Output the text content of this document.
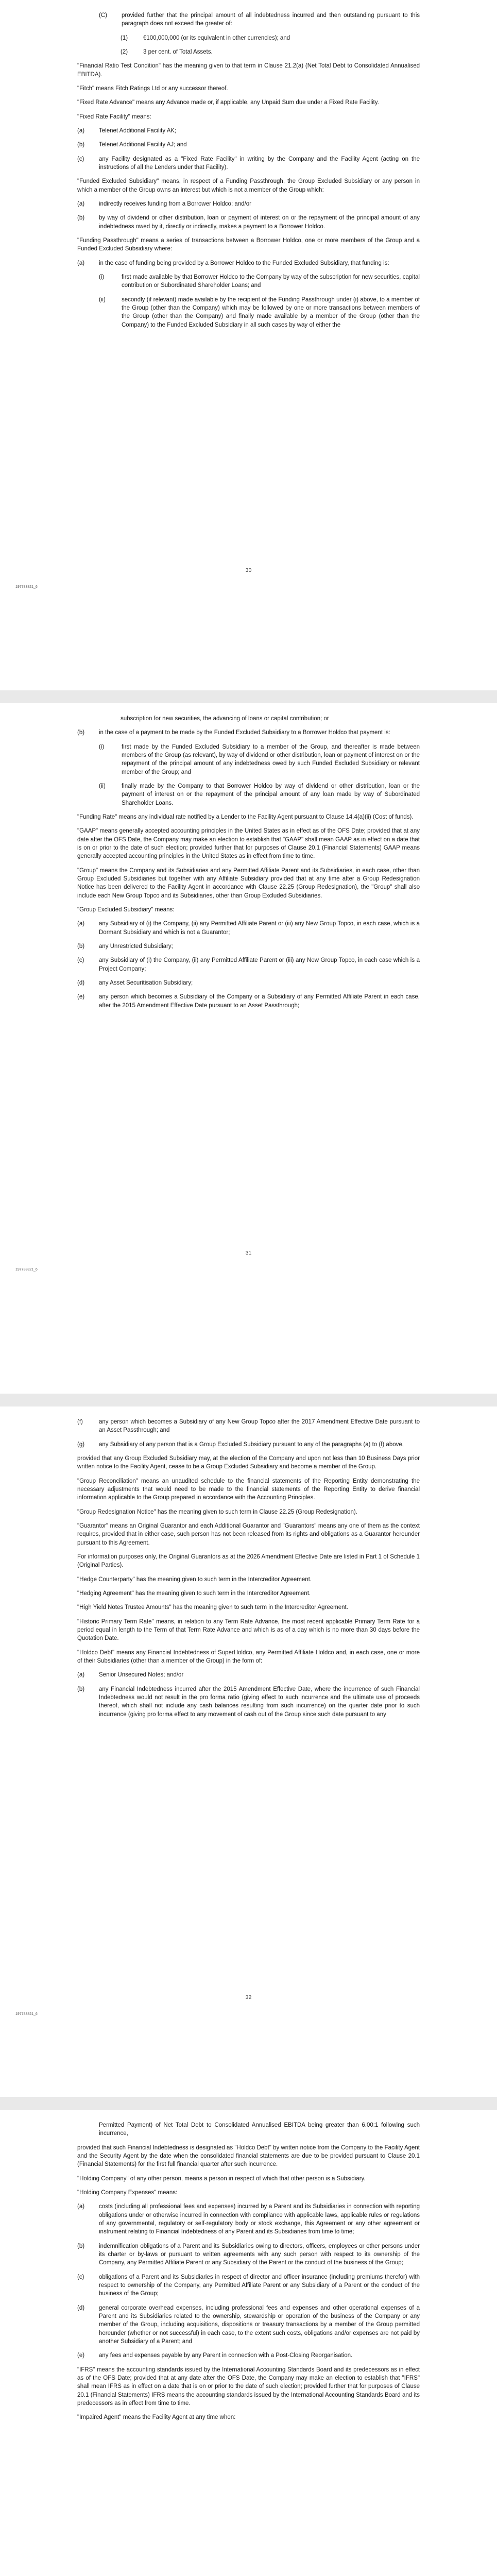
(C)	provided further that the principal amount of all indebtedness incurred and then outstanding pursuant to this paragraph does not exceed the greater of:
(1)	€100,000,000 (or its equivalent in other currencies); and
(2)	3 per cent. of Total Assets.

"Financial Ratio Test Condition" has the meaning given to that term in Clause 21.2(a) (Net Total Debt to Consolidated Annualised EBITDA).

"Fitch" means Fitch Ratings Ltd or any successor thereof.

"Fixed Rate Advance" means any Advance made or, if applicable, any Unpaid Sum due under a Fixed Rate Facility.

"Fixed Rate Facility" means:

(a)	Telenet Additional Facility AK;
(b)	Telenet Additional Facility AJ; and
(c)	any Facility designated as a "Fixed Rate Facility" in writing by the Company and the Facility Agent (acting on the instructions of all the Lenders under that Facility).

"Funded Excluded Subsidiary" means, in respect of a Funding Passthrough, the Group Excluded Subsidiary or any person in which a member of the Group owns an interest but which is not a member of the Group which:

(a)	indirectly receives funding from a Borrower Holdco; and/or
(b)	by way of dividend or other distribution, loan or payment of interest on or the repayment of the principal amount of any indebtedness owed by it, directly or indirectly, makes a payment to a Borrower Holdco.

"Funding Passthrough" means a series of transactions between a Borrower Holdco, one or more members of the Group and a Funded Excluded Subsidiary where:

(a)	in the case of funding being provided by a Borrower Holdco to the Funded Excluded Subsidiary, that funding is:
(i)	first made available by that Borrower Holdco to the Company by way of the subscription for new securities, capital contribution or Subordinated Shareholder Loans; and
(ii)	secondly (if relevant) made available by the recipient of the Funding Passthrough under (i) above, to a member of the Group (other than the Company) which may be followed by one or more transactions between members of the Group (other than the Company) and finally made available by a member of the Group (other than the Company) to the Funded Excluded Subsidiary in all such cases by way of either the
30
197783821_6

subscription for new securities, the advancing of loans or capital contribution; or

(b)	in the case of a payment to be made by the Funded Excluded Subsidiary to a Borrower Holdco that payment is:
(i)	first made by the Funded Excluded Subsidiary to a member of the Group, and thereafter is made between members of the Group (as relevant), by way of dividend or other distribution, loan or payment of interest on or the repayment of the principal amount of any indebtedness owed by such Funded Excluded Subsidiary or relevant member of the Group; and
(ii)	finally made by the Company to that Borrower Holdco by way of dividend or other distribution, loan or the payment of interest on or the repayment of the principal amount of any loan made by way of Subordinated Shareholder Loans.

"Funding Rate" means any individual rate notified by a Lender to the Facility Agent pursuant to Clause 14.4(a)(ii) (Cost of funds).

"GAAP" means generally accepted accounting principles in the United States as in effect as of the OFS Date; provided that at any date after the OFS Date, the Company may make an election to establish that "GAAP" shall mean GAAP as in effect on a date that is on or prior to the date of such election; provided further that for purposes of Clause 20.1 (Financial Statements) GAAP means generally accepted accounting principles in the United States as in effect from time to time.

"Group" means the Company and its Subsidiaries and any Permitted Affiliate Parent and its Subsidiaries, in each case, other than Group Excluded Subsidiaries but together with any Affiliate Subsidiary provided that at any time after a Group Redesignation Notice has been delivered to the Facility Agent in accordance with Clause 22.25 (Group Redesignation), the "Group" shall also include each New Group Topco and its Subsidiaries, other than Group Excluded Subsidiaries.

"Group Excluded Subsidiary" means:

(a)	any Subsidiary of (i) the Company, (ii) any Permitted Affiliate Parent or (iii) any New Group Topco, in each case, which is a Dormant Subsidiary and which is not a Guarantor;
(b)	any Unrestricted Subsidiary;
(c)	any Subsidiary of (i) the Company, (ii) any Permitted Affiliate Parent or (iii) any New Group Topco, in each case which is a Project Company;
(d)	any Asset Securitisation Subsidiary;
(e)	any person which becomes a Subsidiary of the Company or a Subsidiary of any Permitted Affiliate Parent in each case, after the 2015 Amendment Effective Date pursuant to an Asset Passthrough;
31
197783821_6
(f)	any person which becomes a Subsidiary of any New Group Topco after the 2017 Amendment Effective Date pursuant to an Asset Passthrough; and
(g)	any Subsidiary of any person that is a Group Excluded Subsidiary pursuant to any of the paragraphs (a) to (f) above,

provided that any Group Excluded Subsidiary may, at the election of the Company and upon not less than 10 Business Days prior written notice to the Facility Agent, cease to be a Group Excluded Subsidiary and become a member of the Group.

"Group Reconciliation" means an unaudited schedule to the financial statements of the Reporting Entity demonstrating the necessary adjustments that would need to be made to the financial statements of the Reporting Entity to derive financial information applicable to the Group prepared in accordance with the Accounting Principles.

"Group Redesignation Notice" has the meaning given to such term in Clause 22.25 (Group Redesignation).

"Guarantor" means an Original Guarantor and each Additional Guarantor and "Guarantors" means any one of them as the context requires, provided that in either case, such person has not been released from its rights and obligations as a Guarantor hereunder pursuant to this Agreement.

For information purposes only, the Original Guarantors as at the 2026 Amendment Effective Date are listed in Part 1 of Schedule 1 (Original Parties).

"Hedge Counterparty" has the meaning given to such term in the Intercreditor Agreement.

"Hedging Agreement" has the meaning given to such term in the Intercreditor Agreement.

"High Yield Notes Trustee Amounts" has the meaning given to such term in the Intercreditor Agreement.

"Historic Primary Term Rate" means, in relation to any Term Rate Advance, the most recent applicable Primary Term Rate for a period equal in length to the Term of that Term Rate Advance and which is as of a day which is no more than 30 days before the Quotation Date.

"Holdco Debt" means any Financial Indebtedness of SuperHoldco, any Permitted Affiliate Holdco and, in each case, one or more of their Subsidiaries (other than a member of the Group) in the form of:

(a)	Senior Unsecured Notes; and/or
(b)	any Financial Indebtedness incurred after the 2015 Amendment Effective Date, where the incurrence of such Financial Indebtedness would not result in the pro forma ratio (giving effect to such incurrence and the ultimate use of proceeds thereof, which shall not include any cash balances resulting from such incurrence) on the quarter date prior to such incurrence (giving pro forma effect to any movement of cash out of the Group since such date pursuant to any
32
197783821_6

Permitted Payment) of Net Total Debt to Consolidated Annualised EBITDA being greater than 6.00:1 following such incurrence,

provided that such Financial Indebtedness is designated as "Holdco Debt" by written notice from the Company to the Facility Agent and the Security Agent by the date when the consolidated financial statements are due to be provided pursuant to Clause 20.1 (Financial Statements) for the first full financial quarter after such incurrence.

"Holding Company" of any other person, means a person in respect of which that other person is a Subsidiary.

"Holding Company Expenses" means:

(a)	costs (including all professional fees and expenses) incurred by a Parent and its Subsidiaries in connection with reporting obligations under or otherwise incurred in connection with compliance with applicable laws, applicable rules or regulations of any governmental, regulatory or self-regulatory body or stock exchange, this Agreement or any other agreement or instrument relating to Financial Indebtedness of any Parent and its Subsidiaries from time to time;
(b)	indemnification obligations of a Parent and its Subsidiaries owing to directors, officers, employees or other persons under its charter or by-laws or pursuant to written agreements with any such person with respect to its ownership of the Company, any Permitted Affiliate Parent or any Subsidiary of the Parent or the conduct of the business of the Group;
(c)	obligations of a Parent and its Subsidiaries in respect of director and officer insurance (including premiums therefor) with respect to ownership of the Company, any Permitted Affiliate Parent or any Subsidiary of a Parent or the conduct of the business of the Group;
(d)	general corporate overhead expenses, including professional fees and expenses and other operational expenses of a Parent and its Subsidiaries related to the ownership, stewardship or operation of the business of the Company or any member of the Group, including acquisitions, dispositions or treasury transactions by a member of the Group permitted hereunder (whether or not successful) in each case, to the extent such costs, obligations and/or expenses are not paid by another Subsidiary of a Parent; and
(e)	any fees and expenses payable by any Parent in connection with a Post-Closing Reorganisation.

"IFRS" means the accounting standards issued by the International Accounting Standards Board and its predecessors as in effect as of the OFS Date; provided that at any date after the OFS Date, the Company may make an election to establish that "IFRS" shall mean IFRS as in effect on a date that is on or prior to the date of such election; provided further that for purposes of Clause 20.1 (Financial Statements) IFRS means the accounting standards issued by the International Accounting Standards Board and its predecessors as in effect from time to time.

"Impaired Agent" means the Facility Agent at any time when:
